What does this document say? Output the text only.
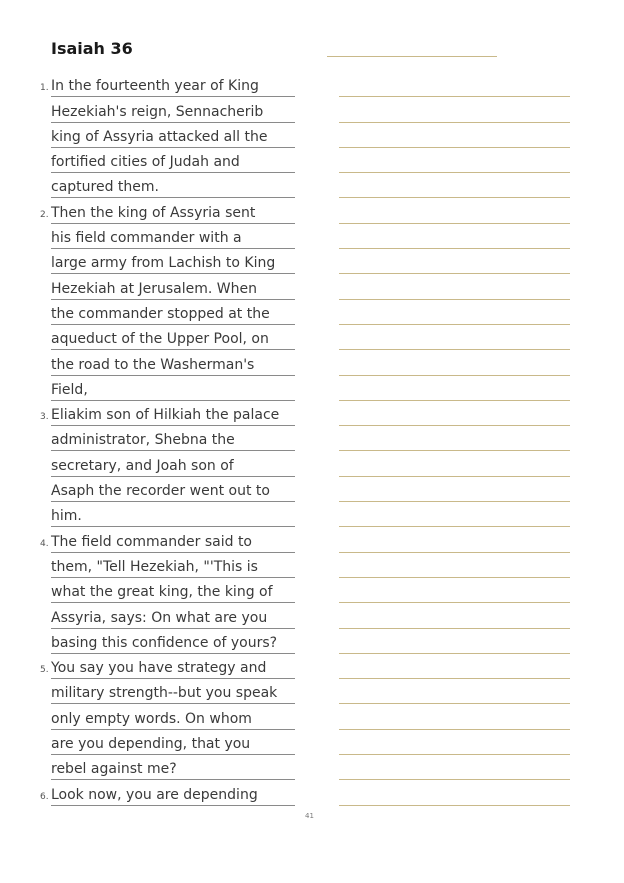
Isaiah 36
1. In the fourteenth year of King
Hezekiah's reign, Sennacherib
king of Assyria attacked all the
fortified cities of Judah and
captured them.
2. Then the king of Assyria sent
his field commander with a
large army from Lachish to King
Hezekiah at Jerusalem. When
the commander stopped at the
aqueduct of the Upper Pool, on
the road to the Washerman's
Field,
3. Eliakim son of Hilkiah the palace
administrator, Shebna the
secretary, and Joah son of
Asaph the recorder went out to
him.
4. The field commander said to
them, "Tell Hezekiah, "'This is
what the great king, the king of
Assyria, says: On what are you
basing this confidence of yours?
5. You say you have strategy and
military strength--but you speak
only empty words. On whom
are you depending, that you
rebel against me?
6. Look now, you are depending
41
